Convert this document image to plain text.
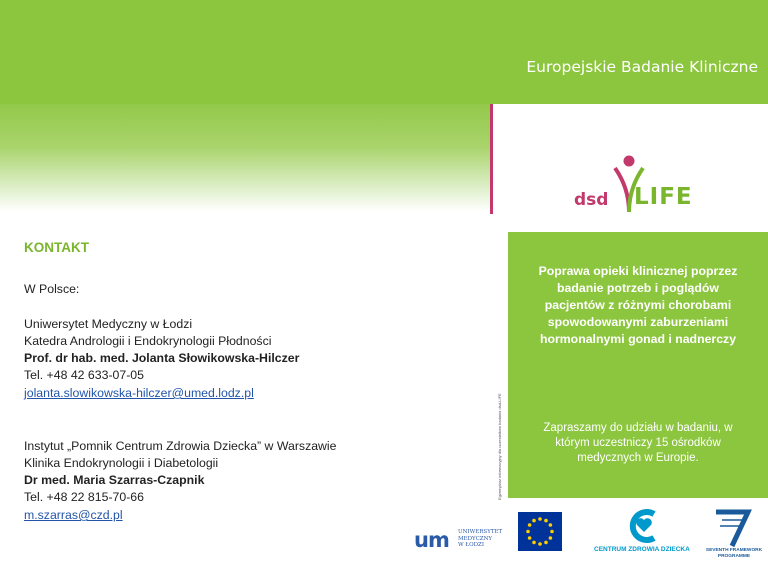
Europejskie Badanie Kliniczne
dsd LIFE
Poprawa opieki klinicznej poprzez badanie potrzeb i poglądów pacjentów z różnymi chorobami spowodowanymi zaburzeniami hormonalnymi gonad i nadnerczy
Zapraszamy do udziału w badaniu, w którym uczestniczy 15 ośrodków medycznych w Europie.
Egzemplarz informacyjny dla uczestników badania dsd-LIFE
KONTAKT
W Polsce:
Uniwersytet Medyczny w Łodzi
Katedra Andrologii i Endokrynologii Płodności
Prof. dr hab. med. Jolanta Słowikowska-Hilczer
Tel. +48 42 633-07-05
jolanta.slowikowska-hilczer@umed.lodz.pl
Instytut „Pomnik Centrum Zdrowia Dziecka” w Warszawie
Klinika Endokrynologii i Diabetologii
Dr med. Maria Szarras-Czapnik
Tel. +48 22 815-70-66
m.szarras@czd.pl
um UNIWERSYTET
MEDYCZNY
W ŁODZI
CENTRUM ZDROWIA DZIECKA	SEVENTH FRAMEWORK
PROGRAMME
